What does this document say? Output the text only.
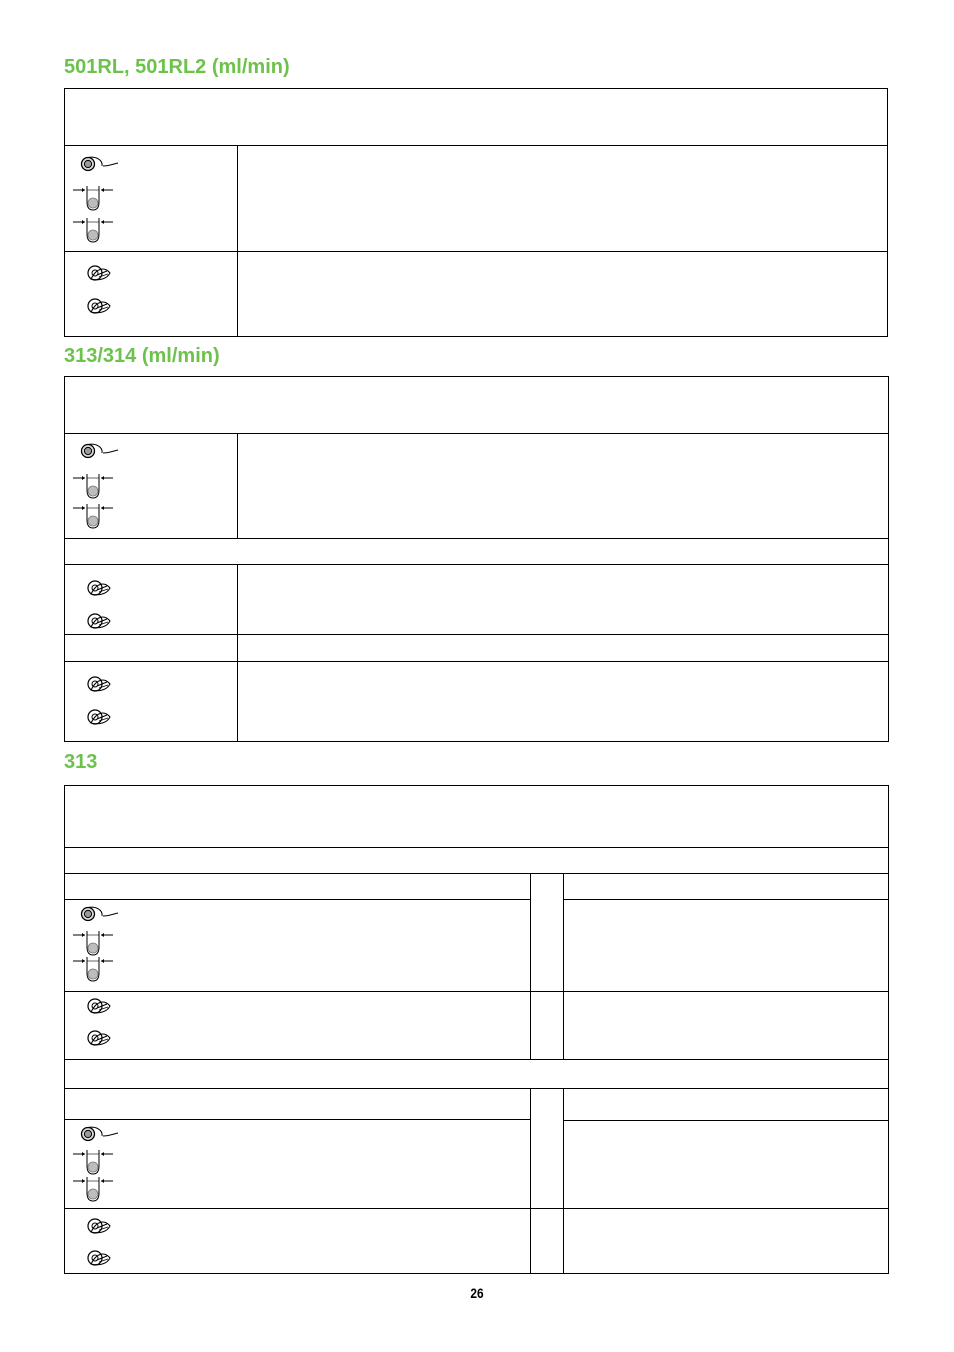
501RL, 501RL2 (ml/min)
313/314 (ml/min)
313
26
